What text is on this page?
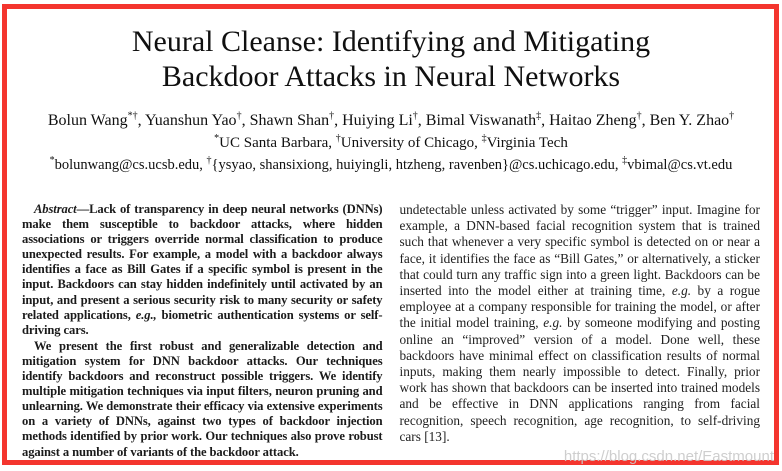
Neural Cleanse: Identifying and Mitigating
Backdoor Attacks in Neural Networks
Bolun Wang*†, Yuanshun Yao†, Shawn Shan†, Huiying Li†, Bimal Viswanath‡, Haitao Zheng†, Ben Y. Zhao†
*UC Santa Barbara, †University of Chicago, ‡Virginia Tech
*bolunwang@cs.ucsb.edu, †{ysyao, shansixiong, huiyingli, htzheng, ravenben}@cs.uchicago.edu, ‡vbimal@cs.vt.edu

Abstract—Lack of transparency in deep neural networks (DNNs) make them susceptible to backdoor attacks, where hidden associations or triggers override normal classification to produce unexpected results. For example, a model with a backdoor always identifies a face as Bill Gates if a specific symbol is present in the input. Backdoors can stay hidden indefinitely until activated by an input, and present a serious security risk to many security or safety related applications, e.g., biometric authentication systems or self-driving cars.

We present the first robust and generalizable detection and mitigation system for DNN backdoor attacks. Our techniques identify backdoors and reconstruct possible triggers. We identify multiple mitigation techniques via input filters, neuron pruning and unlearning. We demonstrate their efficacy via extensive experiments on a variety of DNNs, against two types of backdoor injection methods identified by prior work. Our techniques also prove robust against a number of variants of the backdoor attack.

undetectable unless activated by some “trigger” input. Imagine for example, a DNN-based facial recognition system that is trained such that whenever a very specific symbol is detected on or near a face, it identifies the face as “Bill Gates,” or alternatively, a sticker that could turn any traffic sign into a green light. Backdoors can be inserted into the model either at training time, e.g. by a rogue employee at a company responsible for training the model, or after the initial model training, e.g. by someone modifying and posting online an “improved” version of a model. Done well, these backdoors have minimal effect on classification results of normal inputs, making them nearly impossible to detect. Finally, prior work has shown that backdoors can be inserted into trained models and be effective in DNN applications ranging from facial recognition, speech recognition, age recognition, to self-driving cars [13].

https://blog.csdn.net/Eastmount
